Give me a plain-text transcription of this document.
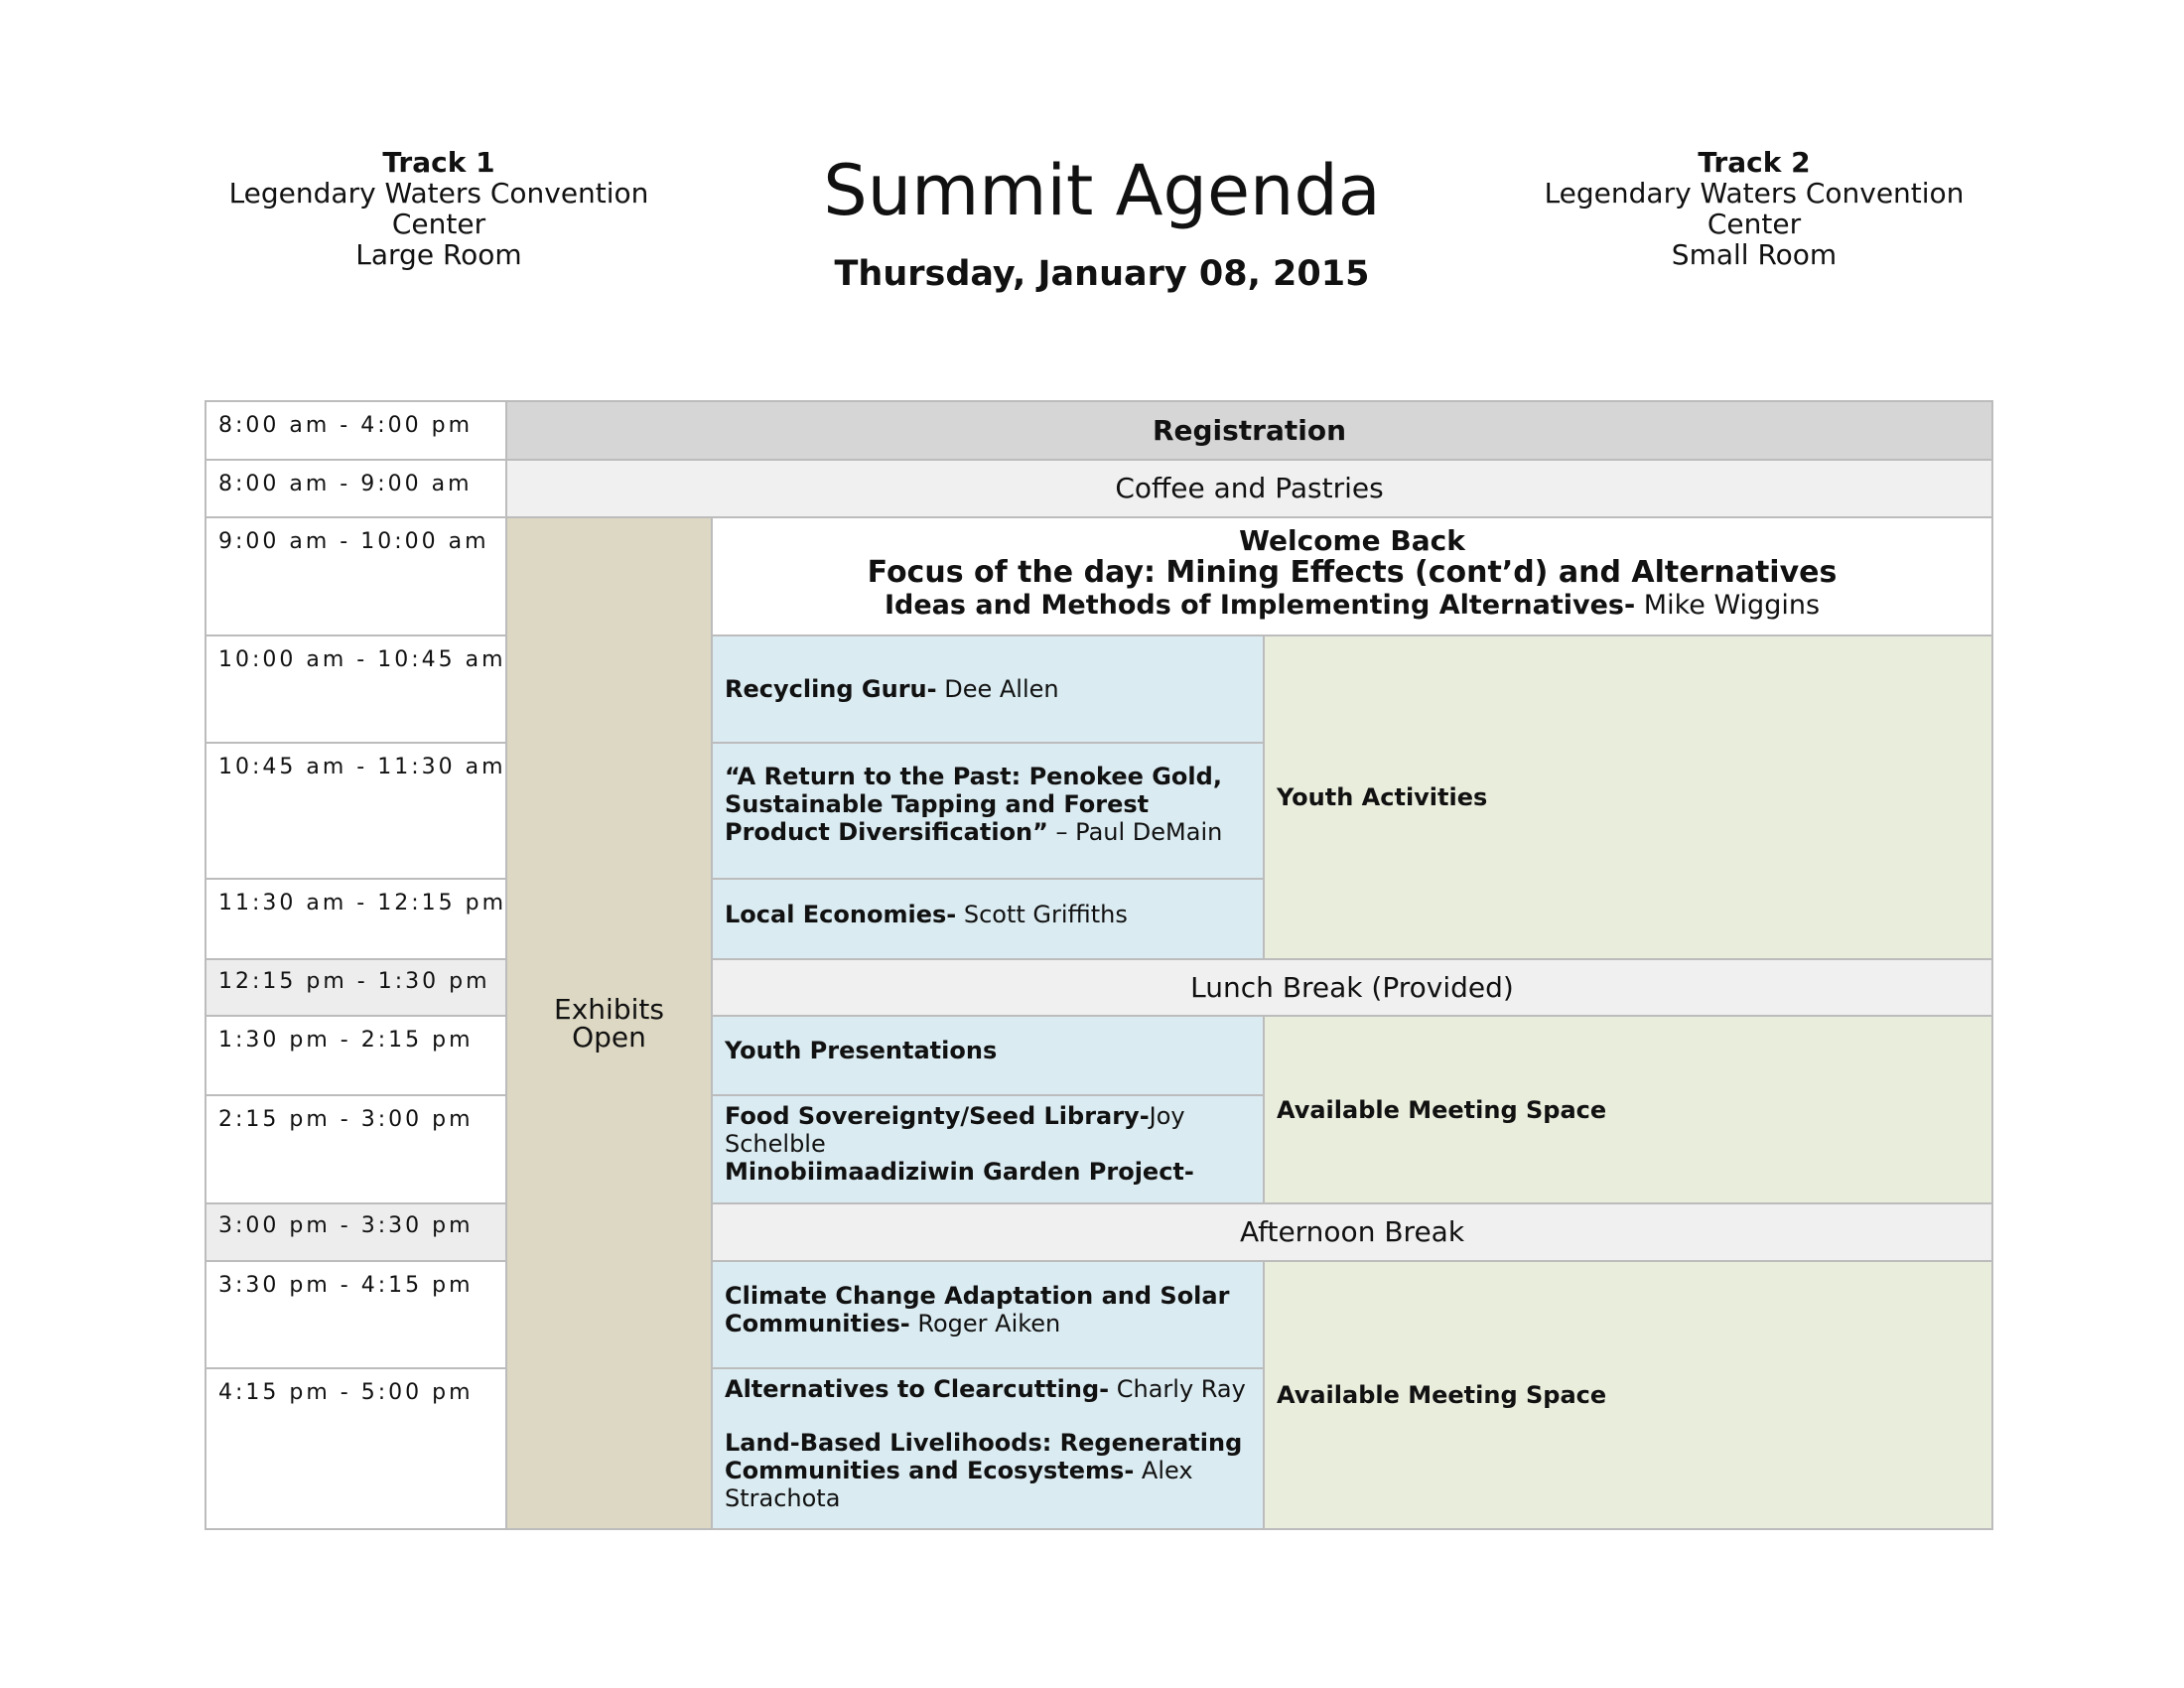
Track 1
Legendary Waters Convention Center
Large Room
Summit Agenda
Thursday, January 08, 2015
Track 2
Legendary Waters Convention Center
Small Room
8:00 am - 4:00 pm	Registration		
8:00 am - 9:00 am	Coffee and Pastries		
9:00 am - 10:00 am	Exhibits Open	Welcome Back
Focus of the day: Mining Effects (cont’d) and Alternatives
Ideas and Methods of Implementing Alternatives- Mike Wiggins	

10:00 am - 10:45 am		Recycling Guru- Dee Allen	Youth Activities
10:45 am - 11:30 am		“A Return to the Past: Penokee Gold, Sustainable Tapping and Forest Product Diversification” – Paul DeMain	
11:30 am - 12:15 pm		Local Economies- Scott Griffiths	
12:15 pm - 1:30 pm		Lunch Break (Provided)	
1:30 pm - 2:15 pm		Youth Presentations	Available Meeting Space
2:15 pm - 3:00 pm		Food Sovereignty/Seed Library-Joy Schelble
Minobiimaadiziwin Garden Project-	
3:00 pm - 3:30 pm		Afternoon Break	
3:30 pm - 4:15 pm		Climate Change Adaptation and Solar Communities- Roger Aiken	Available Meeting Space
4:15 pm - 5:00 pm		Alternatives to Clearcutting- Charly Ray

Land-Based Livelihoods: Regenerating Communities and Ecosystems- Alex Strachota	
